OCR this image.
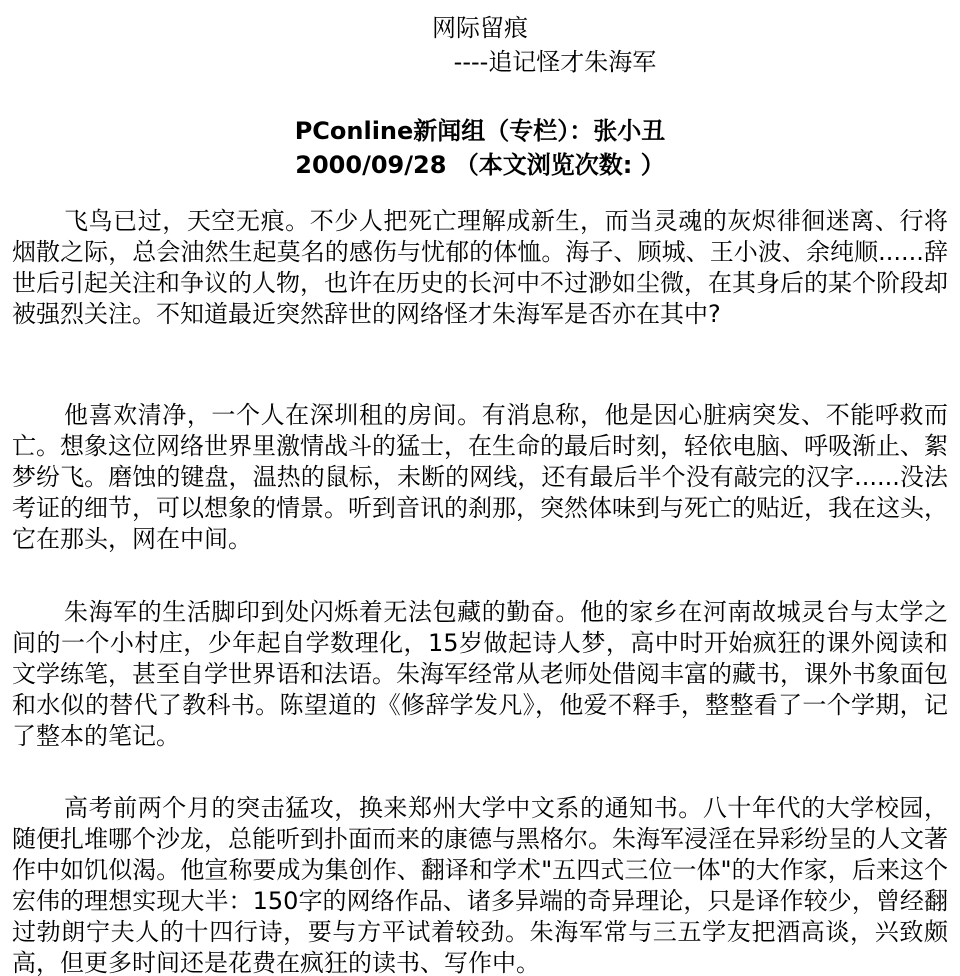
网际留痕
----追记怪才朱海军
PConline新闻组（专栏）：张小丑
2000/09/28 （本文浏览次数: ）

飞鸟已过，天空无痕。不少人把死亡理解成新生，而当灵魂的灰烬徘徊迷离、行将烟散之际，总会油然生起莫名的感伤与忧郁的体恤。海子、顾城、王小波、余纯顺......辞世后引起关注和争议的人物，也许在历史的长河中不过渺如尘微，在其身后的某个阶段却被强烈关注。不知道最近突然辞世的网络怪才朱海军是否亦在其中?

他喜欢清净，一个人在深圳租的房间。有消息称，他是因心脏病突发、不能呼救而亡。想象这位网络世界里激情战斗的猛士，在生命的最后时刻，轻依电脑、呼吸渐止、絮梦纷飞。磨蚀的键盘，温热的鼠标，未断的网线，还有最后半个没有敲完的汉字......没法考证的细节，可以想象的情景。听到音讯的刹那，突然体味到与死亡的贴近，我在这头，它在那头，网在中间。

朱海军的生活脚印到处闪烁着无法包藏的勤奋。他的家乡在河南故城灵台与太学之间的一个小村庄，少年起自学数理化，15岁做起诗人梦，高中时开始疯狂的课外阅读和文学练笔，甚至自学世界语和法语。朱海军经常从老师处借阅丰富的藏书，课外书象面包和水似的替代了教科书。陈望道的《修辞学发凡》，他爱不释手，整整看了一个学期，记了整本的笔记。

高考前两个月的突击猛攻，换来郑州大学中文系的通知书。八十年代的大学校园，随便扎堆哪个沙龙，总能听到扑面而来的康德与黑格尔。朱海军浸淫在异彩纷呈的人文著作中如饥似渴。他宣称要成为集创作、翻译和学术"五四式三位一体"的大作家，后来这个宏伟的理想实现大半：150字的网络作品、诸多异端的奇异理论，只是译作较少，曾经翻过勃朗宁夫人的十四行诗，要与方平试着较劲。朱海军常与三五学友把酒高谈，兴致颇高，但更多时间还是花费在疯狂的读书、写作中。
